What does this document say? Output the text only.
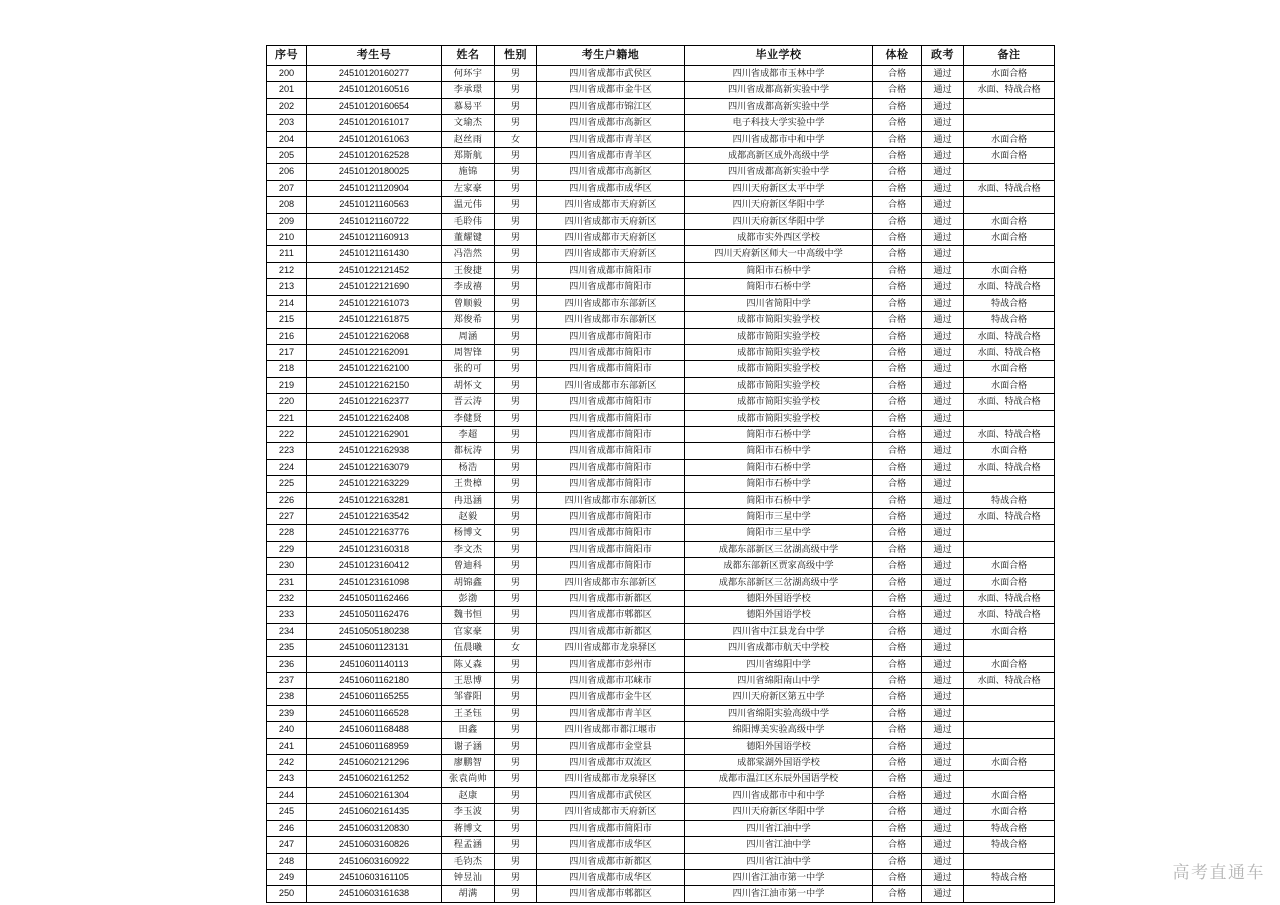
序号	考生号	姓名	性别	考生户籍地	毕业学校	体检	政考	备注
200	24510120160277	何环宇	男	四川省成都市武侯区	四川省成都市玉林中学	合格	通过	水面合格
201	24510120160516	李承璟	男	四川省成都市金牛区	四川省成都高新实验中学	合格	通过	水面、特战合格
202	24510120160654	慕易平	男	四川省成都市锦江区	四川省成都高新实验中学	合格	通过	
203	24510120161017	文瑜杰	男	四川省成都市高新区	电子科技大学实验中学	合格	通过	
204	24510120161063	赵丝雨	女	四川省成都市青羊区	四川省成都市中和中学	合格	通过	水面合格
205	24510120162528	郑斯航	男	四川省成都市青羊区	成都高新区成外高级中学	合格	通过	水面合格
206	24510120180025	施锦	男	四川省成都市高新区	四川省成都高新实验中学	合格	通过	
207	24510121120904	左家豪	男	四川省成都市成华区	四川天府新区太平中学	合格	通过	水面、特战合格
208	24510121160563	温元伟	男	四川省成都市天府新区	四川天府新区华阳中学	合格	通过	
209	24510121160722	毛聆伟	男	四川省成都市天府新区	四川天府新区华阳中学	合格	通过	水面合格
210	24510121160913	董耀键	男	四川省成都市天府新区	成都市实外西区学校	合格	通过	水面合格
211	24510121161430	冯浩然	男	四川省成都市天府新区	四川天府新区师大一中高级中学	合格	通过	
212	24510122121452	王俊捷	男	四川省成都市简阳市	简阳市石桥中学	合格	通过	水面合格
213	24510122121690	李成禧	男	四川省成都市简阳市	简阳市石桥中学	合格	通过	水面、特战合格
214	24510122161073	曾顺毅	男	四川省成都市东部新区	四川省简阳中学	合格	通过	特战合格
215	24510122161875	郑俊希	男	四川省成都市东部新区	成都市简阳实验学校	合格	通过	特战合格
216	24510122162068	周涵	男	四川省成都市简阳市	成都市简阳实验学校	合格	通过	水面、特战合格
217	24510122162091	周智锋	男	四川省成都市简阳市	成都市简阳实验学校	合格	通过	水面、特战合格
218	24510122162100	张的可	男	四川省成都市简阳市	成都市简阳实验学校	合格	通过	水面合格
219	24510122162150	胡怀文	男	四川省成都市东部新区	成都市简阳实验学校	合格	通过	水面合格
220	24510122162377	晋云涛	男	四川省成都市简阳市	成都市简阳实验学校	合格	通过	水面、特战合格
221	24510122162408	李健贤	男	四川省成都市简阳市	成都市简阳实验学校	合格	通过	
222	24510122162901	李超	男	四川省成都市简阳市	简阳市石桥中学	合格	通过	水面、特战合格
223	24510122162938	都杬涛	男	四川省成都市简阳市	简阳市石桥中学	合格	通过	水面合格
224	24510122163079	杨浩	男	四川省成都市简阳市	简阳市石桥中学	合格	通过	水面、特战合格
225	24510122163229	王贵樟	男	四川省成都市简阳市	简阳市石桥中学	合格	通过	
226	24510122163281	冉迅涵	男	四川省成都市东部新区	简阳市石桥中学	合格	通过	特战合格
227	24510122163542	赵毅	男	四川省成都市简阳市	简阳市三星中学	合格	通过	水面、特战合格
228	24510122163776	杨博文	男	四川省成都市简阳市	简阳市三星中学	合格	通过	
229	24510123160318	李文杰	男	四川省成都市简阳市	成都东部新区三岔湖高级中学	合格	通过	
230	24510123160412	曾迪科	男	四川省成都市简阳市	成都东部新区贾家高级中学	合格	通过	水面合格
231	24510123161098	胡锦鑫	男	四川省成都市东部新区	成都东部新区三岔湖高级中学	合格	通过	水面合格
232	24510501162466	彭渤	男	四川省成都市新都区	德阳外国语学校	合格	通过	水面、特战合格
233	24510501162476	魏书恒	男	四川省成都市郫都区	德阳外国语学校	合格	通过	水面、特战合格
234	24510505180238	官家豪	男	四川省成都市新都区	四川省中江县龙台中学	合格	通过	水面合格
235	24510601123131	伍晨曦	女	四川省成都市龙泉驿区	四川省成都市航天中学校	合格	通过	
236	24510601140113	陈乂森	男	四川省成都市彭州市	四川省绵阳中学	合格	通过	水面合格
237	24510601162180	王思博	男	四川省成都市邛崃市	四川省绵阳南山中学	合格	通过	水面、特战合格
238	24510601165255	邹睿阳	男	四川省成都市金牛区	四川天府新区第五中学	合格	通过	
239	24510601166528	王圣钰	男	四川省成都市青羊区	四川省绵阳实验高级中学	合格	通过	
240	24510601168488	田鑫	男	四川省成都市都江堰市	绵阳博美实验高级中学	合格	通过	
241	24510601168959	谢子涵	男	四川省成都市金堂县	德阳外国语学校	合格	通过	
242	24510602121296	廖鹏智	男	四川省成都市双流区	成都棠湖外国语学校	合格	通过	水面合格
243	24510602161252	张袁尚帅	男	四川省成都市龙泉驿区	成都市温江区东辰外国语学校	合格	通过	
244	24510602161304	赵康	男	四川省成都市武侯区	四川省成都市中和中学	合格	通过	水面合格
245	24510602161435	李玉波	男	四川省成都市天府新区	四川天府新区华阳中学	合格	通过	水面合格
246	24510603120830	蒋博文	男	四川省成都市简阳市	四川省江油中学	合格	通过	特战合格
247	24510603160826	程孟涵	男	四川省成都市成华区	四川省江油中学	合格	通过	特战合格
248	24510603160922	毛钧杰	男	四川省成都市新都区	四川省江油中学	合格	通过	
249	24510603161105	钟昱汕	男	四川省成都市成华区	四川省江油市第一中学	合格	通过	特战合格
250	24510603161638	胡满	男	四川省成都市郫都区	四川省江油市第一中学	合格	通过	
高考直通车
